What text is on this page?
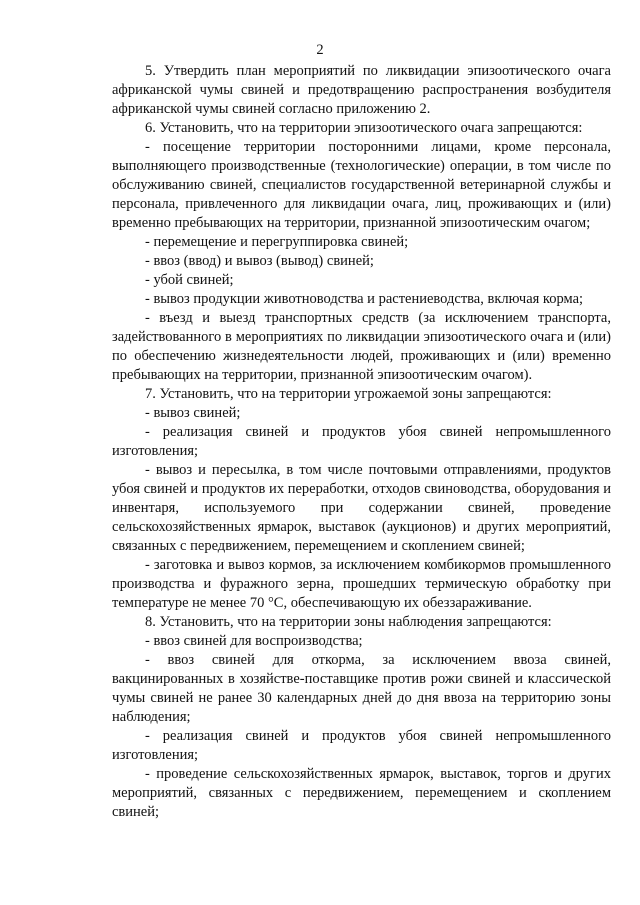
2

5. Утвердить план мероприятий по ликвидации эпизоотического очага африканской чумы свиней и предотвращению распространения возбудителя африканской чумы свиней согласно приложению 2.

6. Установить, что на территории эпизоотического очага запрещаются:

- посещение территории посторонними лицами, кроме персонала, выполняющего производственные (технологические) операции, в том числе по обслуживанию свиней, специалистов государственной ветеринарной службы и персонала, привлеченного для ликвидации очага, лиц, проживающих и (или) временно пребывающих на территории, признанной эпизоотическим очагом;

- перемещение и перегруппировка свиней;

- ввоз (ввод) и вывоз (вывод) свиней;

- убой свиней;

- вывоз продукции животноводства и растениеводства, включая корма;

- въезд и выезд транспортных средств (за исключением транспорта, задействованного в мероприятиях по ликвидации эпизоотического очага и (или) по обеспечению жизнедеятельности людей, проживающих и (или) временно пребывающих на территории, признанной эпизоотическим очагом).

7. Установить, что на территории угрожаемой зоны запрещаются:

- вывоз свиней;

- реализация свиней и продуктов убоя свиней непромышленного изготовления;

- вывоз и пересылка, в том числе почтовыми отправлениями, продуктов убоя свиней и продуктов их переработки, отходов свиноводства, оборудования и инвентаря, используемого при содержании свиней, проведение сельскохозяйственных ярмарок, выставок (аукционов) и других мероприятий, связанных с передвижением, перемещением и скоплением свиней;

- заготовка и вывоз кормов, за исключением комбикормов промышленного производства и фуражного зерна, прошедших термическую обработку при температуре не менее 70 °С, обеспечивающую их обеззараживание.

8. Установить, что на территории зоны наблюдения запрещаются:

- ввоз свиней для воспроизводства;

- ввоз свиней для откорма, за исключением ввоза свиней, вакцинированных в хозяйстве-поставщике против рожи свиней и классической чумы свиней не ранее 30 календарных дней до дня ввоза на территорию зоны наблюдения;

- реализация свиней и продуктов убоя свиней непромышленного изготовления;

- проведение сельскохозяйственных ярмарок, выставок, торгов и других мероприятий, связанных с передвижением, перемещением и скоплением свиней;
